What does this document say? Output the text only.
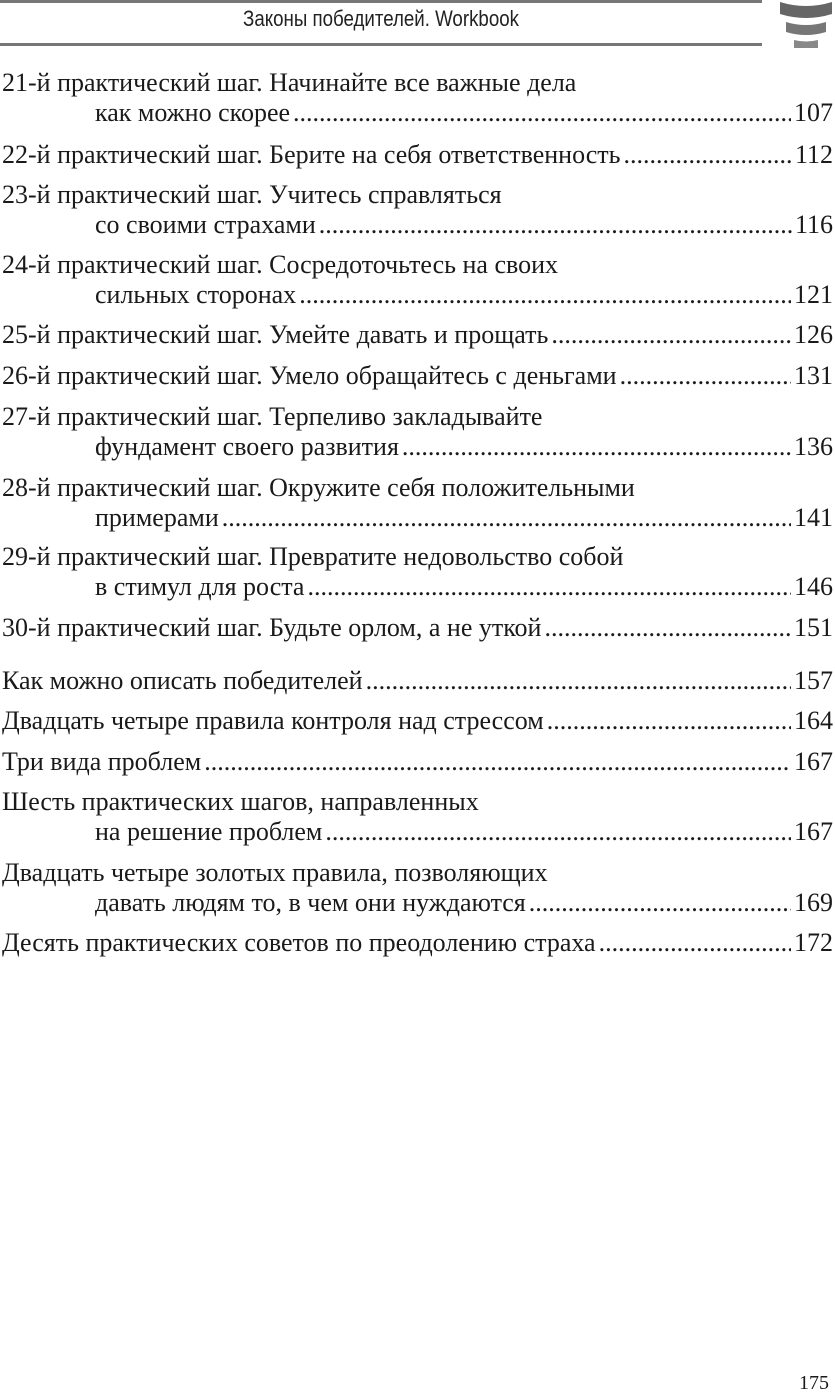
Законы победителей. Workbook
21-й практический шаг. Начинайте все важные дела
как можно скорее .....	107
22-й практический шаг. Берите на себя ответственность .....	112
23-й практический шаг. Учитесь справляться
со своими страхами .....	116
24-й практический шаг. Сосредоточьтесь на своих
сильных сторонах .....	121
25-й практический шаг. Умейте давать и прощать .....	126
26-й практический шаг. Умело обращайтесь с деньгами .....	131
27-й практический шаг. Терпеливо закладывайте
фундамент своего развития .....	136
28-й практический шаг. Окружите себя положительными
примерами .....	141
29-й практический шаг. Превратите недовольство собой
в стимул для роста .....	146
30-й практический шаг. Будьте орлом, а не уткой .....	151
Как можно описать победителей .....	157
Двадцать четыре правила контроля над стрессом .....	164
Три вида проблем .....	167
Шесть практических шагов, направленных
на решение проблем .....	167
Двадцать четыре золотых правила, позволяющих
давать людям то, в чем они нуждаются .....	169
Десять практических советов по преодолению страха .....	172
175
